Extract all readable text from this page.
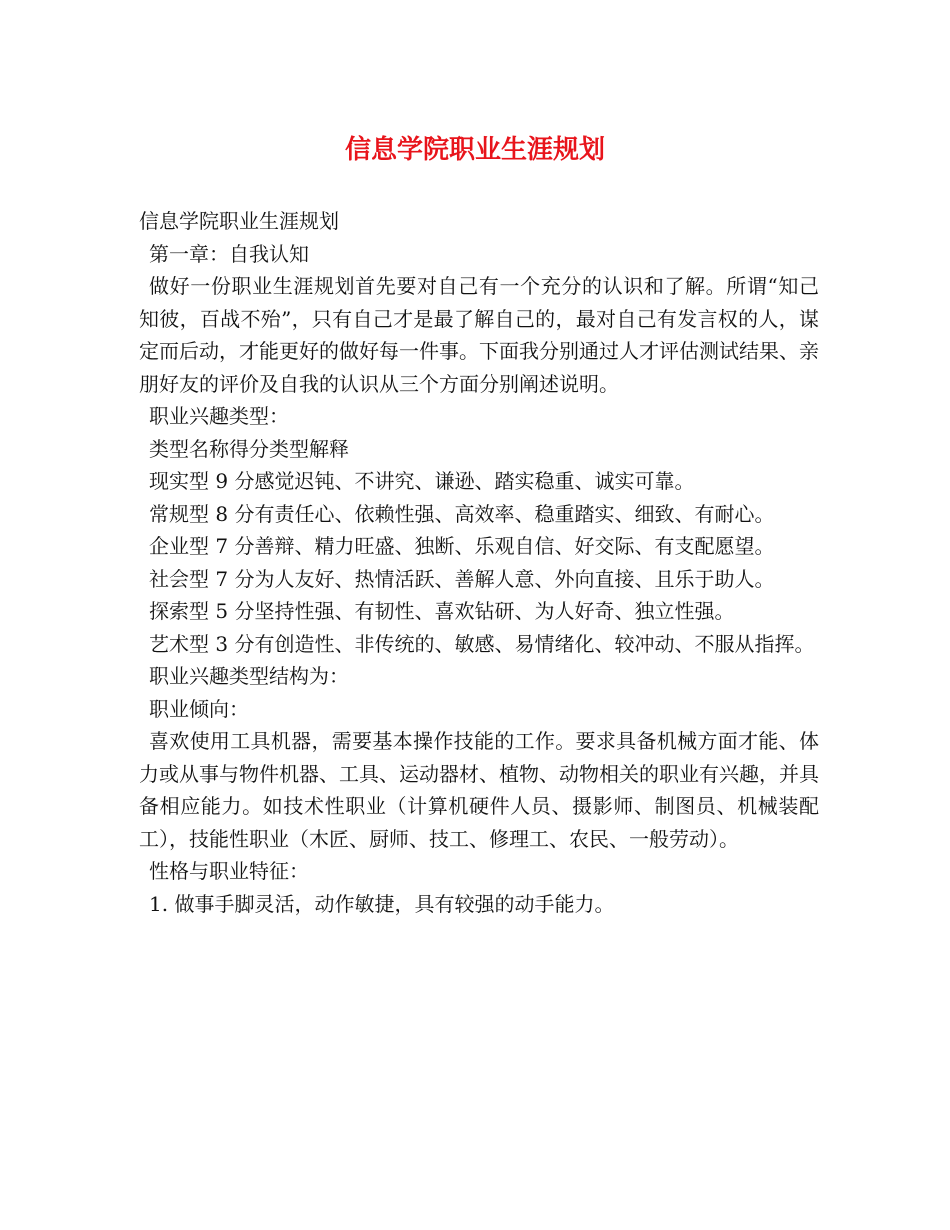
信息学院职业生涯规划

信息学院职业生涯规划

第一章：自我认知

做好一份职业生涯规划首先要对自己有一个充分的认识和了解。所谓“知己知彼，百战不殆”，只有自己才是最了解自己的，最对自己有发言权的人，谋定而后动，才能更好的做好每一件事。下面我分别通过人才评估测试结果、亲朋好友的评价及自我的认识从三个方面分别阐述说明。

职业兴趣类型：

类型名称得分类型解释

现实型 9 分感觉迟钝、不讲究、谦逊、踏实稳重、诚实可靠。

常规型 8 分有责任心、依赖性强、高效率、稳重踏实、细致、有耐心。

企业型 7 分善辩、精力旺盛、独断、乐观自信、好交际、有支配愿望。

社会型 7 分为人友好、热情活跃、善解人意、外向直接、且乐于助人。

探索型 5 分坚持性强、有韧性、喜欢钻研、为人好奇、独立性强。

艺术型 3 分有创造性、非传统的、敏感、易情绪化、较冲动、不服从指挥。

职业兴趣类型结构为：

职业倾向：

喜欢使用工具机器，需要基本操作技能的工作。要求具备机械方面才能、体力或从事与物件机器、工具、运动器材、植物、动物相关的职业有兴趣，并具备相应能力。如技术性职业（计算机硬件人员、摄影师、制图员、机械装配工），技能性职业（木匠、厨师、技工、修理工、农民、一般劳动）。

性格与职业特征：

1. 做事手脚灵活，动作敏捷，具有较强的动手能力。
